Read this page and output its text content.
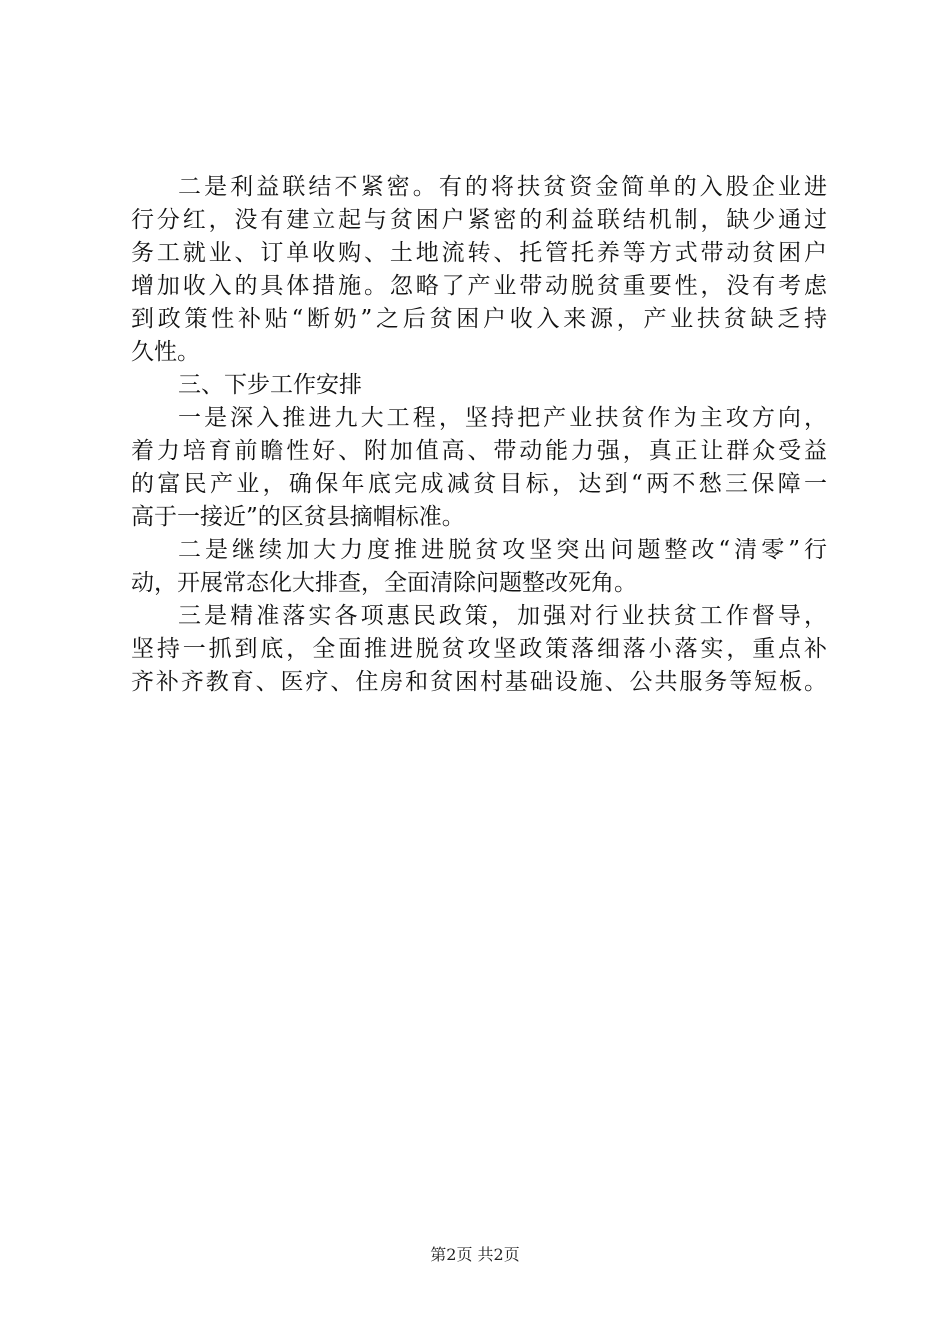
二是利益联结不紧密。有的将扶贫资金简单的入股企业进
行分红，没有建立起与贫困户紧密的利益联结机制，缺少通过
务工就业、订单收购、土地流转、托管托养等方式带动贫困户
增加收入的具体措施。忽略了产业带动脱贫重要性，没有考虑
到政策性补贴“断奶”之后贫困户收入来源，产业扶贫缺乏持
久性。
三、下步工作安排
一是深入推进九大工程，坚持把产业扶贫作为主攻方向，
着力培育前瞻性好、附加值高、带动能力强，真正让群众受益
的富民产业，确保年底完成减贫目标，达到“两不愁三保障一
高于一接近”的区贫县摘帽标准。
二是继续加大力度推进脱贫攻坚突出问题整改“清零”行
动，开展常态化大排查，全面清除问题整改死角。
三是精准落实各项惠民政策，加强对行业扶贫工作督导，
坚持一抓到底，全面推进脱贫攻坚政策落细落小落实，重点补
齐补齐教育、医疗、住房和贫困村基础设施、公共服务等短板。
第2页 共2页
